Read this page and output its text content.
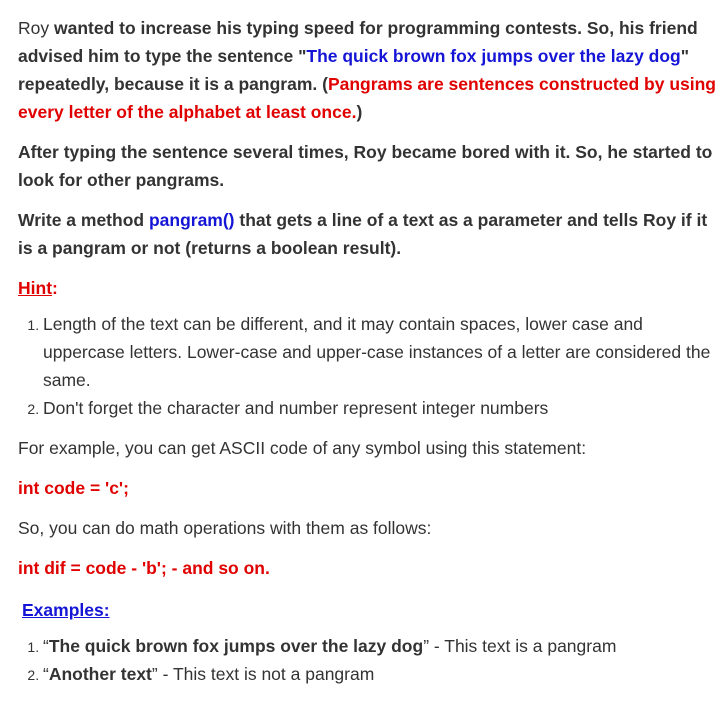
Roy wanted to increase his typing speed for programming contests. So, his friend advised him to type the sentence "The quick brown fox jumps over the lazy dog" repeatedly, because it is a pangram. (Pangrams are sentences constructed by using every letter of the alphabet at least once.)

After typing the sentence several times, Roy became bored with it. So, he started to look for other pangrams.

Write a method pangram() that gets a line of a text as a parameter and tells Roy if it is a pangram or not (returns a boolean result).

Hint:

1. Length of the text can be different, and it may contain spaces, lower case and uppercase letters. Lower-case and upper-case instances of a letter are considered the same.
2. Don't forget the character and number represent integer numbers

For example, you can get ASCII code of any symbol using this statement:

int code = 'c';

So, you can do math operations with them as follows:

int dif = code - 'b'; - and so on.

Examples:

1. “The quick brown fox jumps over the lazy dog” - This text is a pangram
2. “Another text” - This text is not a pangram
